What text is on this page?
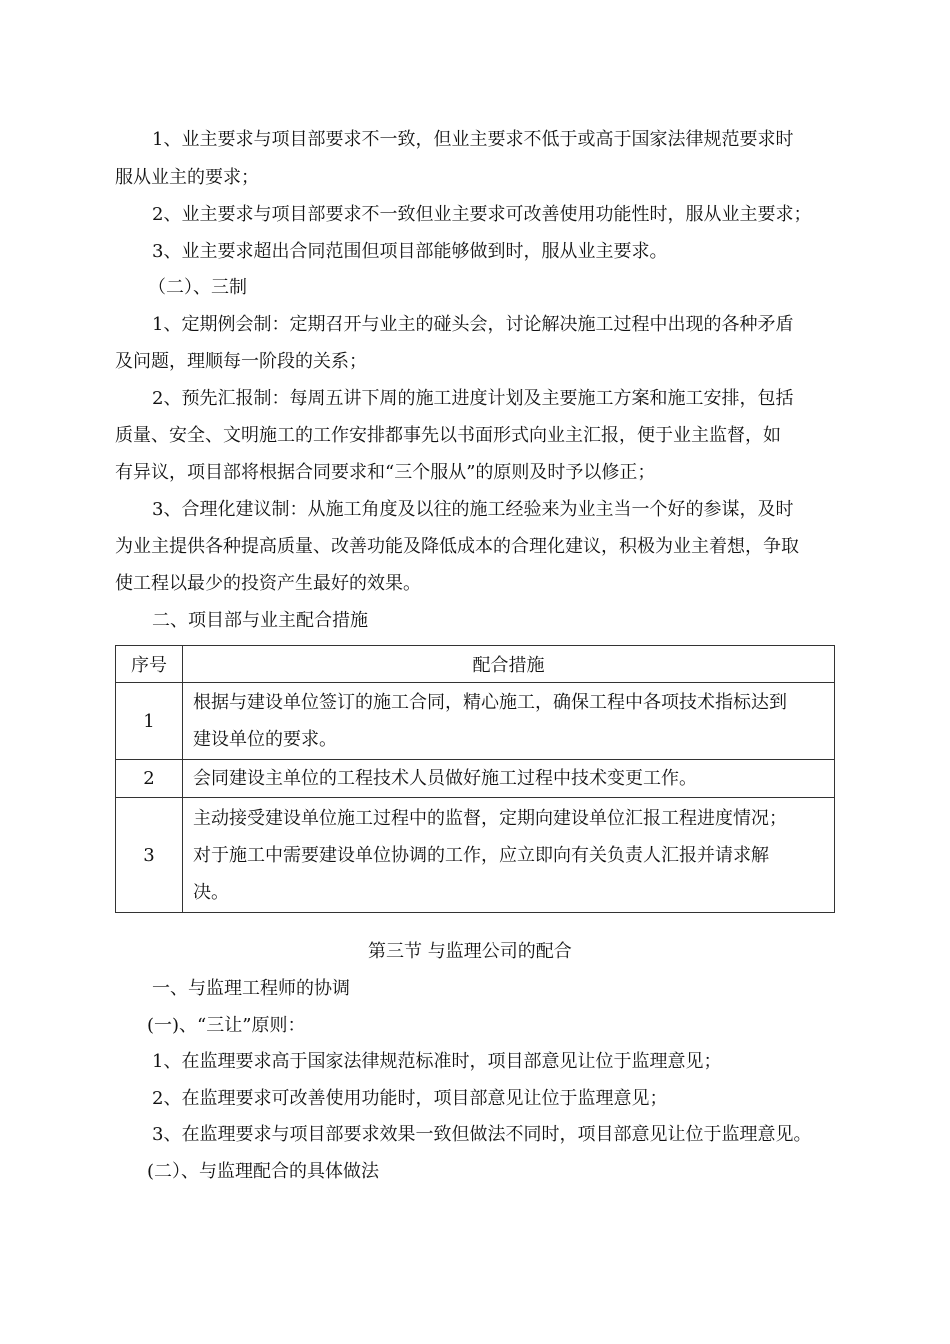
1、业主要求与项目部要求不一致，但业主要求不低于或高于国家法律规范要求时
服从业主的要求；
2、业主要求与项目部要求不一致但业主要求可改善使用功能性时，服从业主要求；
3、业主要求超出合同范围但项目部能够做到时，服从业主要求。
（二）、三制
1、定期例会制：定期召开与业主的碰头会，讨论解决施工过程中出现的各种矛盾
及问题，理顺每一阶段的关系；
2、预先汇报制：每周五讲下周的施工进度计划及主要施工方案和施工安排，包括
质量、安全、文明施工的工作安排都事先以书面形式向业主汇报，便于业主监督，如
有异议，项目部将根据合同要求和“三个服从”的原则及时予以修正；
3、合理化建议制：从施工角度及以往的施工经验来为业主当一个好的参谋，及时
为业主提供各种提高质量、改善功能及降低成本的合理化建议，积极为业主着想，争取
使工程以最少的投资产生最好的效果。
二、项目部与业主配合措施
序号	配合措施
1	根据与建设单位签订的施工合同，精心施工，确保工程中各项技术指标达到
建设单位的要求。

2	会同建设主单位的工程技术人员做好施工过程中技术变更工作。

3	主动接受建设单位施工过程中的监督，定期向建设单位汇报工程进度情况；
对于施工中需要建设单位协调的工作，应立即向有关负责人汇报并请求解
决。
第三节 与监理公司的配合
一、与监理工程师的协调
(一)、“三让”原则：
1、在监理要求高于国家法律规范标准时，项目部意见让位于监理意见；
2、在监理要求可改善使用功能时，项目部意见让位于监理意见；
3、在监理要求与项目部要求效果一致但做法不同时，项目部意见让位于监理意见。
(二）、与监理配合的具体做法
